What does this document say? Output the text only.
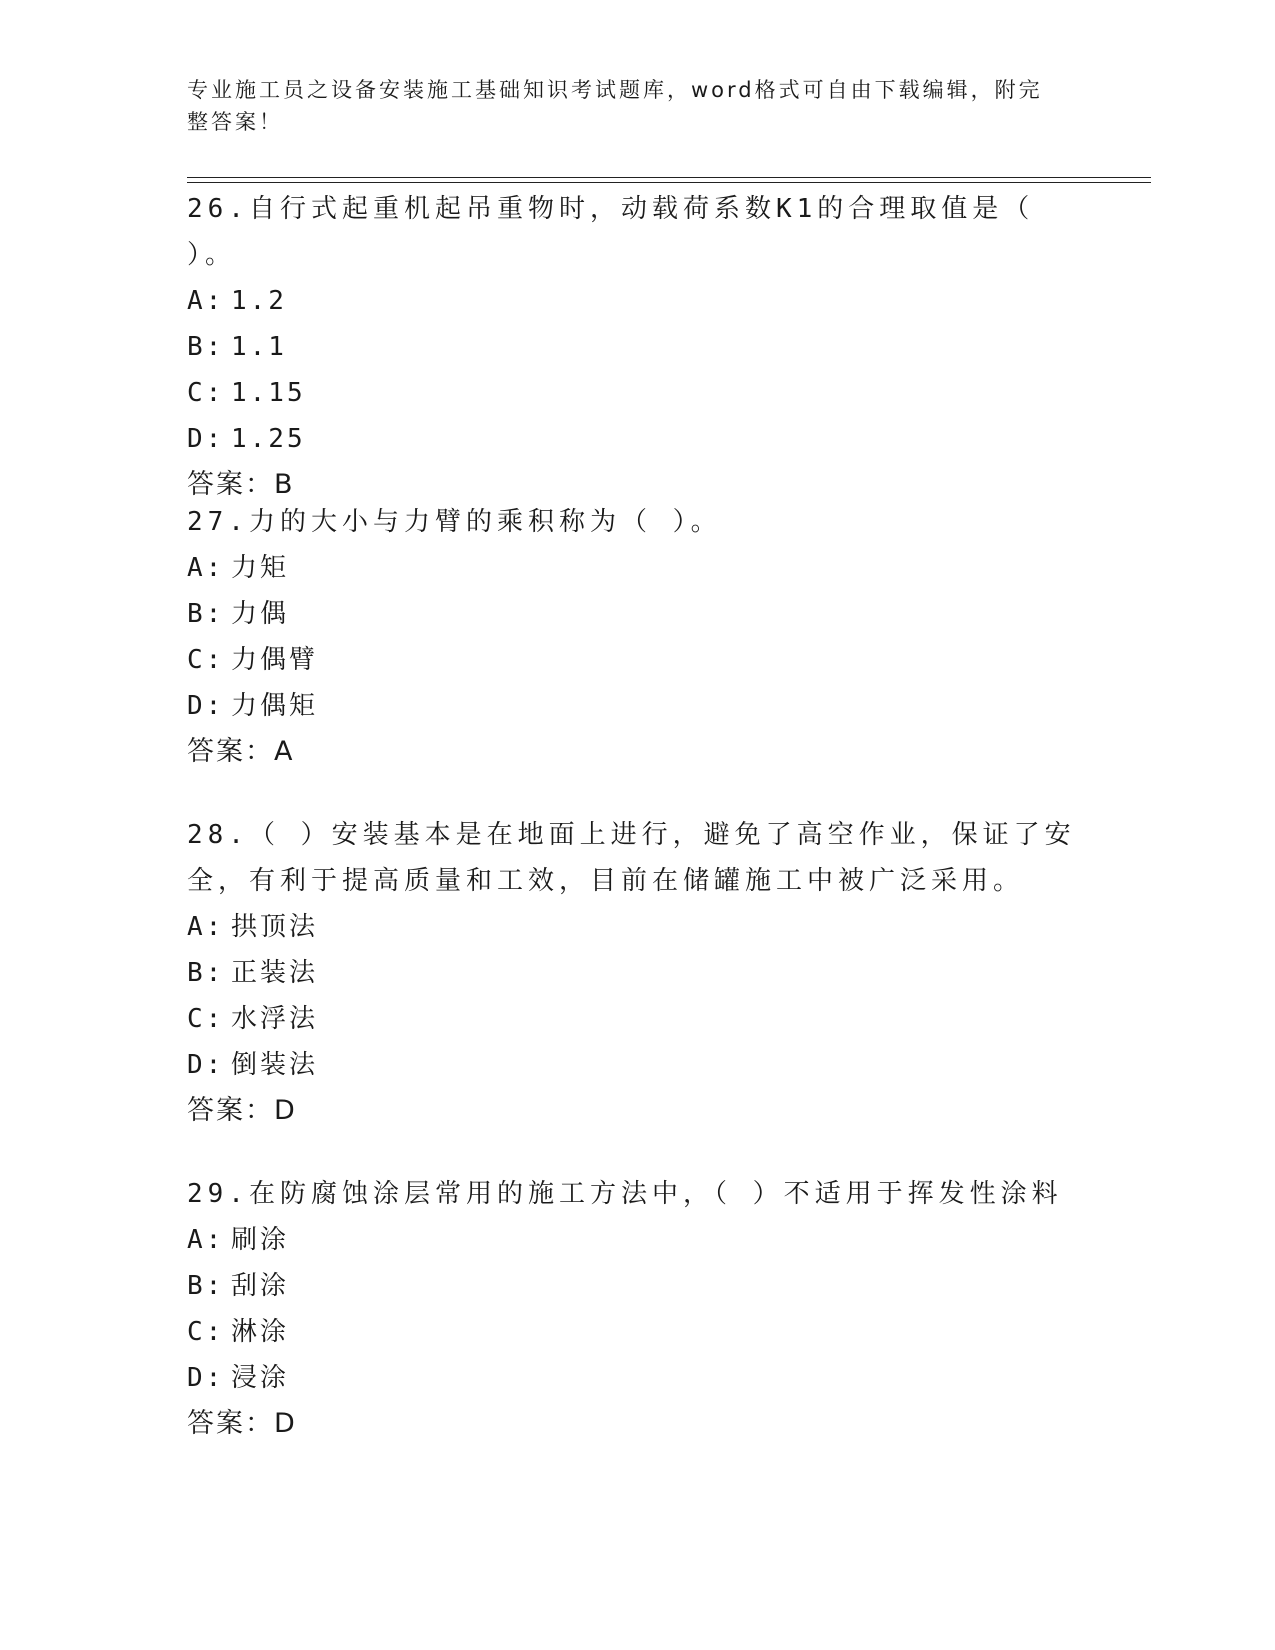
专业施工员之设备安装施工基础知识考试题库，word格式可自由下载编辑，附完
整答案！
26.自行式起重机起吊重物时，动载荷系数K1的合理取值是（ ）。
A: 1.2
B: 1.1
C: 1.15
D: 1.25
答案：B
27.力的大小与力臂的乘积称为（ ）。
A: 力矩
B: 力偶
C: 力偶臂
D: 力偶矩
答案：A
28.（ ）安装基本是在地面上进行，避免了高空作业，保证了安全，有利于提高质量和工效，目前在储罐施工中被广泛采用。
A: 拱顶法
B: 正装法
C: 水浮法
D: 倒装法
答案：D
29.在防腐蚀涂层常用的施工方法中，（ ）不适用于挥发性涂料
A: 刷涂
B: 刮涂
C: 淋涂
D: 浸涂
答案：D
